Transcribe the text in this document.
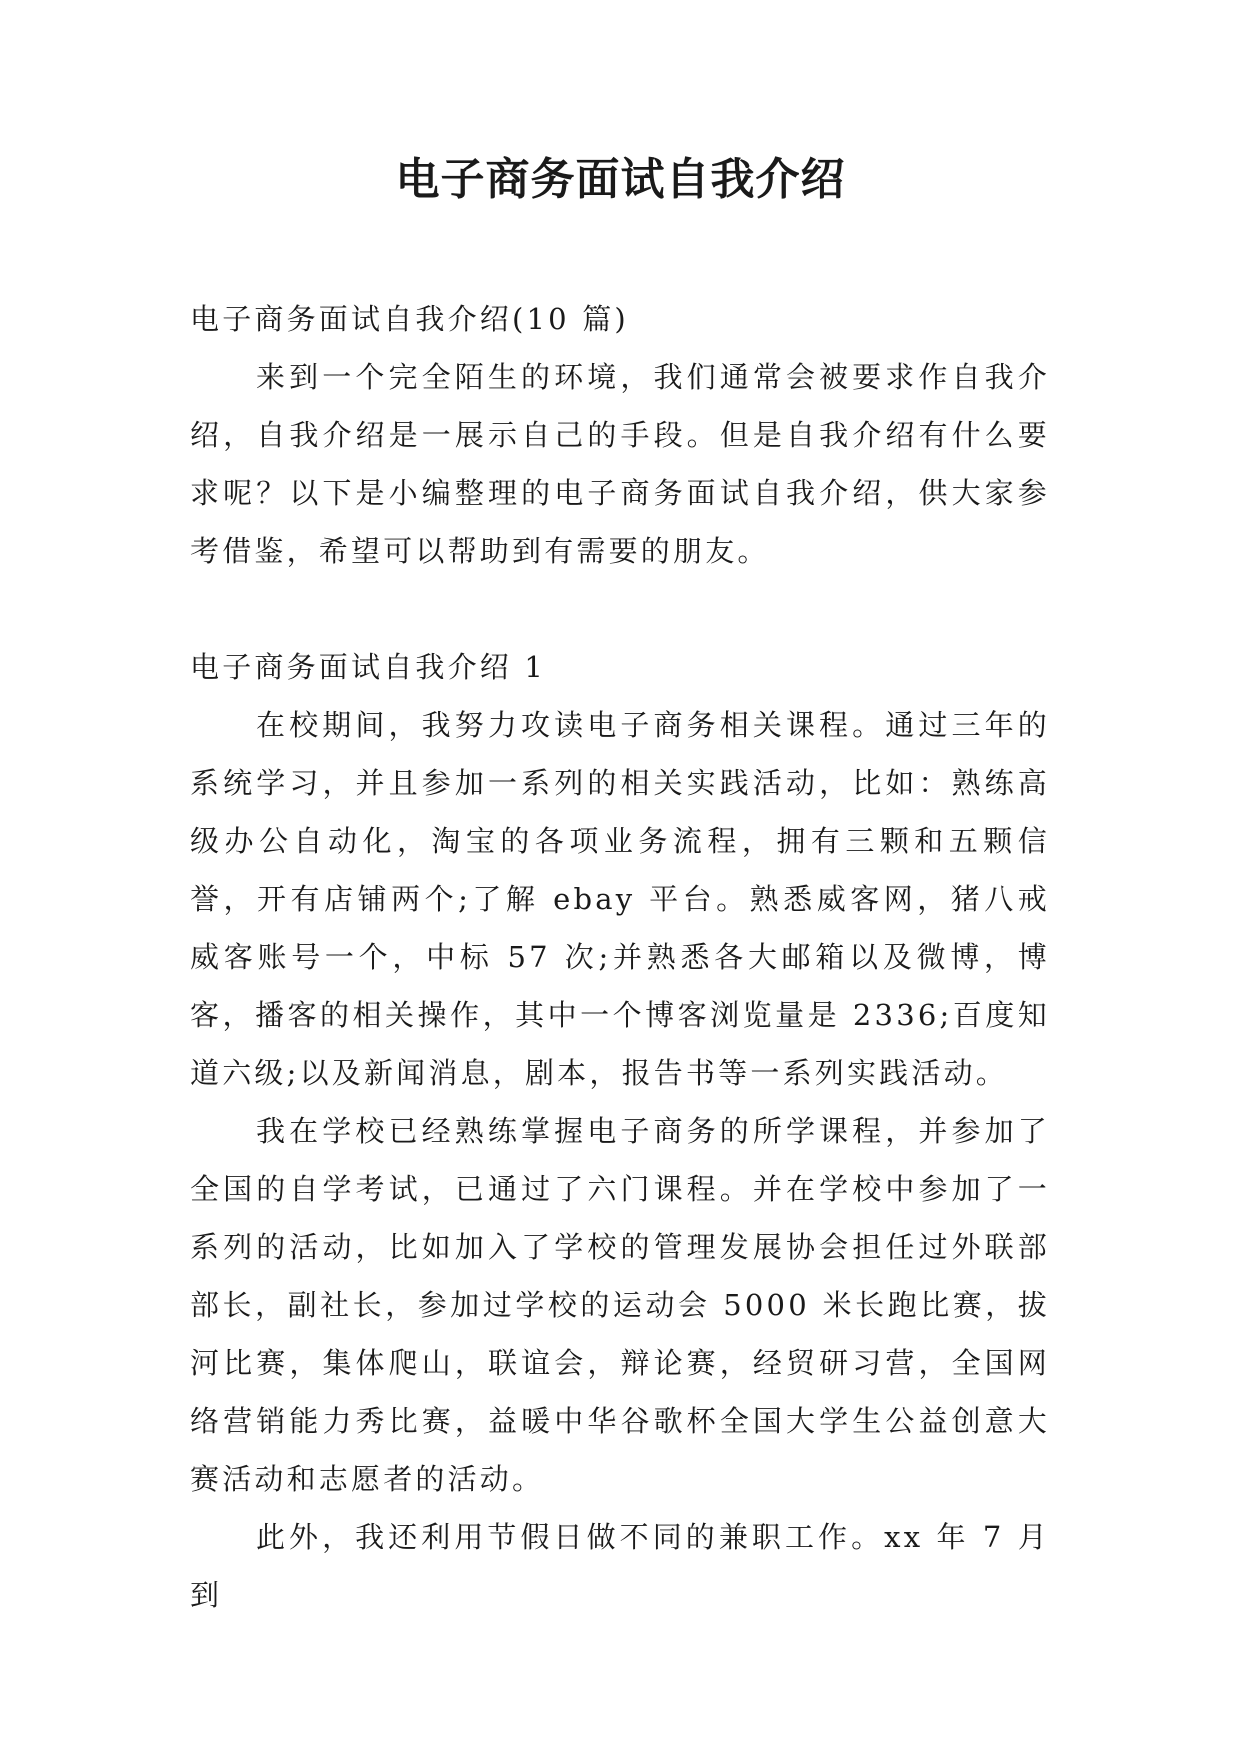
电子商务面试自我介绍

电子商务面试自我介绍(10 篇)

来到一个完全陌生的环境，我们通常会被要求作自我介绍，自我介绍是一展示自己的手段。但是自我介绍有什么要求呢？以下是小编整理的电子商务面试自我介绍，供大家参考借鉴，希望可以帮助到有需要的朋友。

电子商务面试自我介绍 1

在校期间，我努力攻读电子商务相关课程。通过三年的系统学习，并且参加一系列的相关实践活动，比如：熟练高级办公自动化，淘宝的各项业务流程，拥有三颗和五颗信誉，开有店铺两个;了解 ebay 平台。熟悉威客网，猪八戒威客账号一个，中标 57 次;并熟悉各大邮箱以及微博，博客，播客的相关操作，其中一个博客浏览量是 2336;百度知道六级;以及新闻消息，剧本，报告书等一系列实践活动。

我在学校已经熟练掌握电子商务的所学课程，并参加了全国的自学考试，已通过了六门课程。并在学校中参加了一系列的活动，比如加入了学校的管理发展协会担任过外联部部长，副社长，参加过学校的运动会 5000 米长跑比赛，拔河比赛，集体爬山，联谊会，辩论赛，经贸研习营，全国网络营销能力秀比赛，益暖中华谷歌杯全国大学生公益创意大赛活动和志愿者的活动。

此外，我还利用节假日做不同的兼职工作。xx 年 7 月到
